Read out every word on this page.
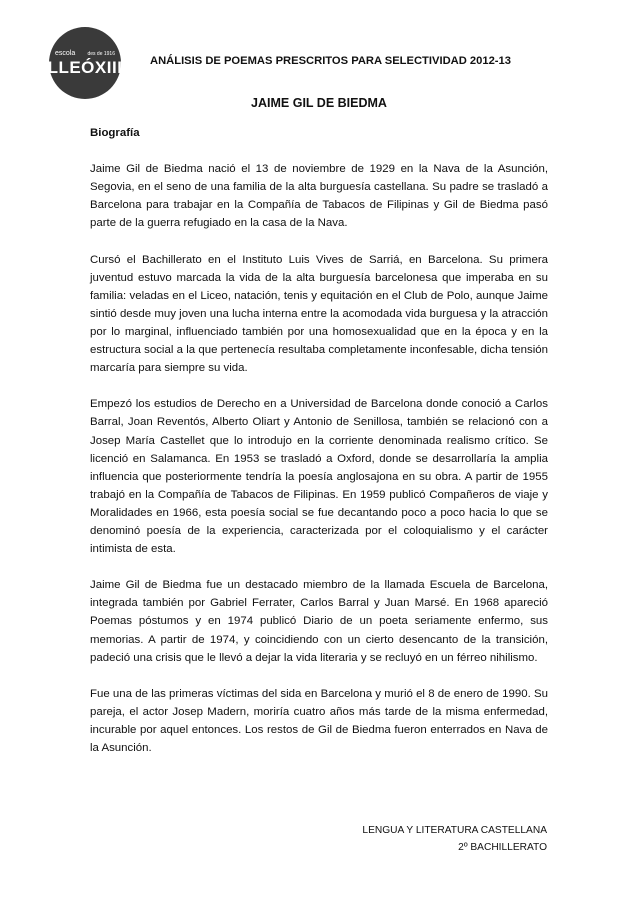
escola des de 1916
LLEÓXIII ANÁLISIS DE POEMAS PRESCRITOS PARA SELECTIVIDAD 2012-13
JAIME GIL DE BIEDMA
Biografía

Jaime Gil de Biedma nació el 13 de noviembre de 1929 en la Nava de la Asunción, Segovia, en el seno de una familia de la alta burguesía castellana. Su padre se trasladó a Barcelona para trabajar en la Compañía de Tabacos de Filipinas y Gil de Biedma pasó parte de la guerra refugiado en la casa de la Nava.

Cursó el Bachillerato en el Instituto Luis Vives de Sarriá, en Barcelona. Su primera juventud estuvo marcada la vida de la alta burguesía barcelonesa que imperaba en su familia: veladas en el Liceo, natación, tenis y equitación en el Club de Polo, aunque Jaime sintió desde muy joven una lucha interna entre la acomodada vida burguesa y la atracción por lo marginal, influenciado también por una homosexualidad que en la época y en la estructura social a la que pertenecía resultaba completamente inconfesable, dicha tensión marcaría para siempre su vida.

Empezó los estudios de Derecho en a Universidad de Barcelona donde conoció a Carlos Barral, Joan Reventós, Alberto Oliart y Antonio de Senillosa, también se relacionó con a Josep María Castellet que lo introdujo en la corriente denominada realismo crítico. Se licenció en Salamanca. En 1953 se trasladó a Oxford, donde se desarrollaría la amplia influencia que posteriormente tendría la poesía anglosajona en su obra. A partir de 1955 trabajó en la Compañía de Tabacos de Filipinas. En 1959 publicó Compañeros de viaje y Moralidades en 1966, esta poesía social se fue decantando poco a poco hacia lo que se denominó poesía de la experiencia, caracterizada por el coloquialismo y el carácter intimista de esta.

Jaime Gil de Biedma fue un destacado miembro de la llamada Escuela de Barcelona, integrada también por Gabriel Ferrater, Carlos Barral y Juan Marsé. En 1968 apareció Poemas póstumos y en 1974 publicó Diario de un poeta seriamente enfermo, sus memorias. A partir de 1974, y coincidiendo con un cierto desencanto de la transición, padeció una crisis que le llevó a dejar la vida literaria y se recluyó en un férreo nihilismo.

Fue una de las primeras víctimas del sida en Barcelona y murió el 8 de enero de 1990. Su pareja, el actor Josep Madern, moriría cuatro años más tarde de la misma enfermedad, incurable por aquel entonces. Los restos de Gil de Biedma fueron enterrados en Nava de la Asunción.

LENGUA Y LITERATURA CASTELLANA
2º BACHILLERATO
